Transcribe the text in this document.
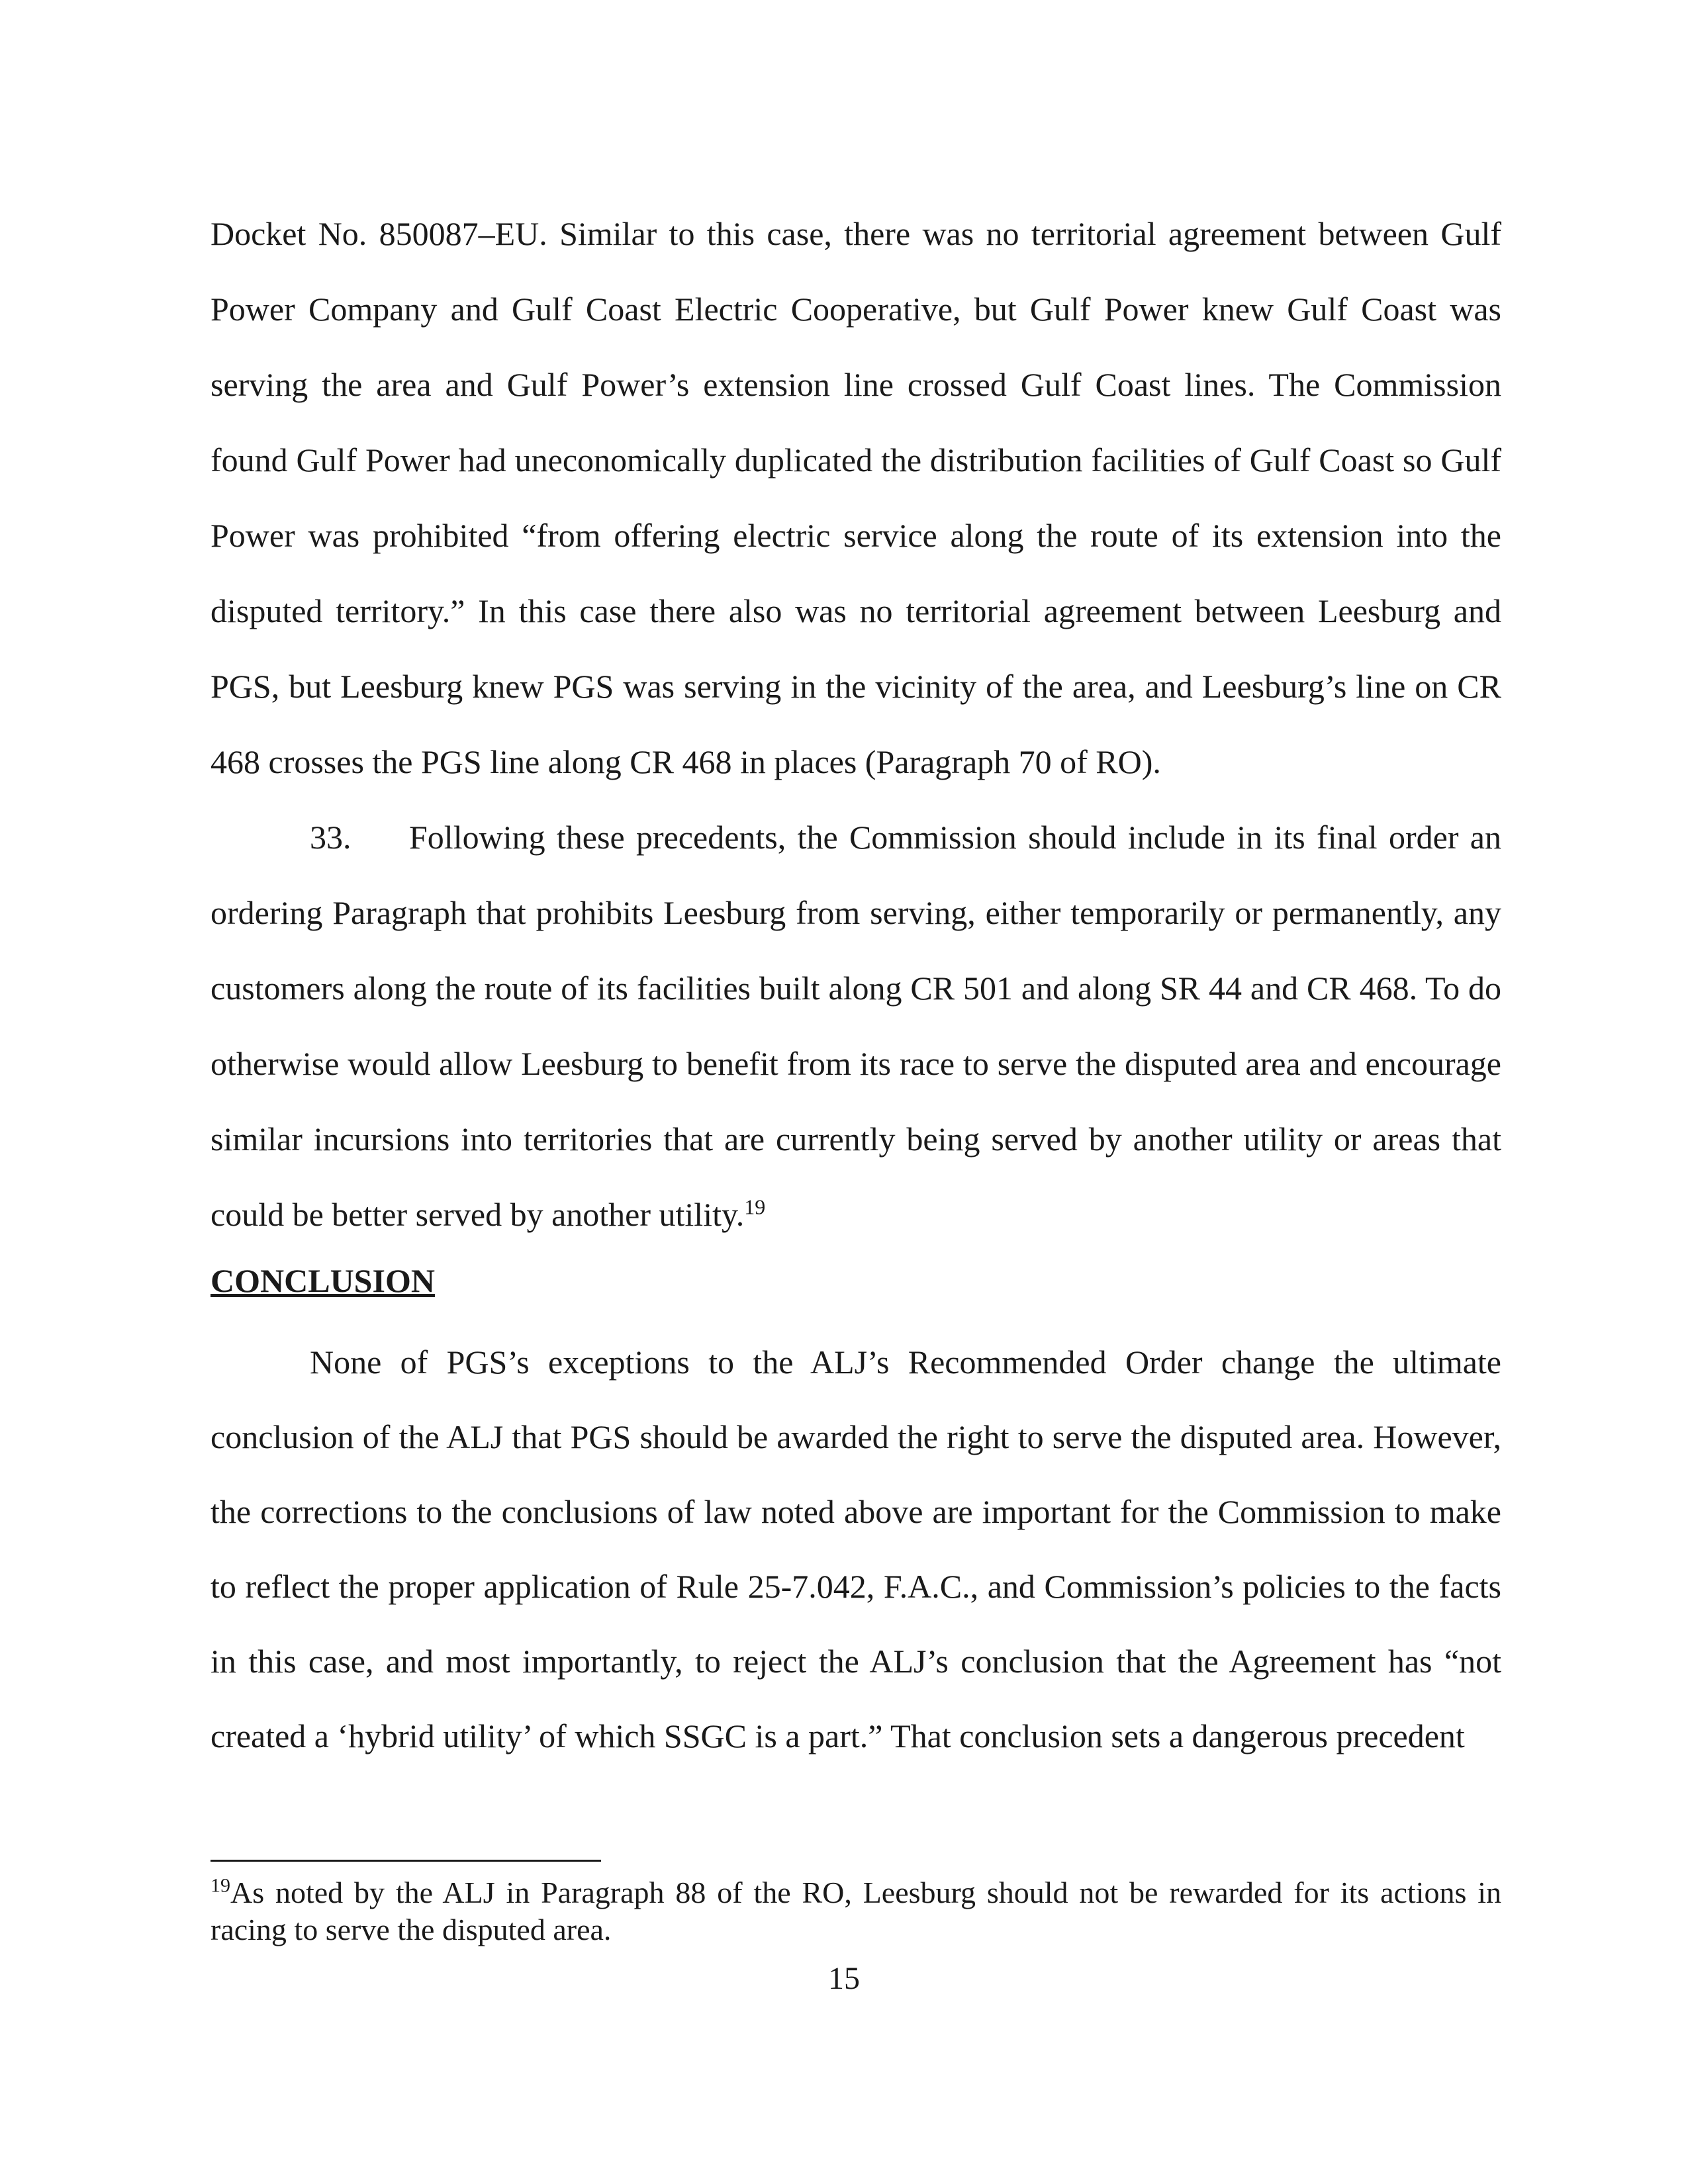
Docket No. 850087–EU. Similar to this case, there was no territorial agreement between Gulf Power Company and Gulf Coast Electric Cooperative, but Gulf Power knew Gulf Coast was serving the area and Gulf Power’s extension line crossed Gulf Coast lines. The Commission found Gulf Power had uneconomically duplicated the distribution facilities of Gulf Coast so Gulf Power was prohibited “from offering electric service along the route of its extension into the disputed territory.” In this case there also was no territorial agreement between Leesburg and PGS, but Leesburg knew PGS was serving in the vicinity of the area, and Leesburg’s line on CR 468 crosses the PGS line along CR 468 in places (Paragraph 70 of RO).

33. Following these precedents, the Commission should include in its final order an ordering Paragraph that prohibits Leesburg from serving, either temporarily or permanently, any customers along the route of its facilities built along CR 501 and along SR 44 and CR 468. To do otherwise would allow Leesburg to benefit from its race to serve the disputed area and encourage similar incursions into territories that are currently being served by another utility or areas that could be better served by another utility.$^{19}$

CONCLUSION

None of PGS’s exceptions to the ALJ’s Recommended Order change the ultimate conclusion of the ALJ that PGS should be awarded the right to serve the disputed area. However, the corrections to the conclusions of law noted above are important for the Commission to make to reflect the proper application of Rule 25-7.042, F.A.C., and Commission’s policies to the facts in this case, and most importantly, to reject the ALJ’s conclusion that the Agreement has “not created a ‘hybrid utility’ of which SSGC is a part.” That conclusion sets a dangerous precedent

$^{19}$As noted by the ALJ in Paragraph 88 of the RO, Leesburg should not be rewarded for its actions in racing to serve the disputed area.

15
